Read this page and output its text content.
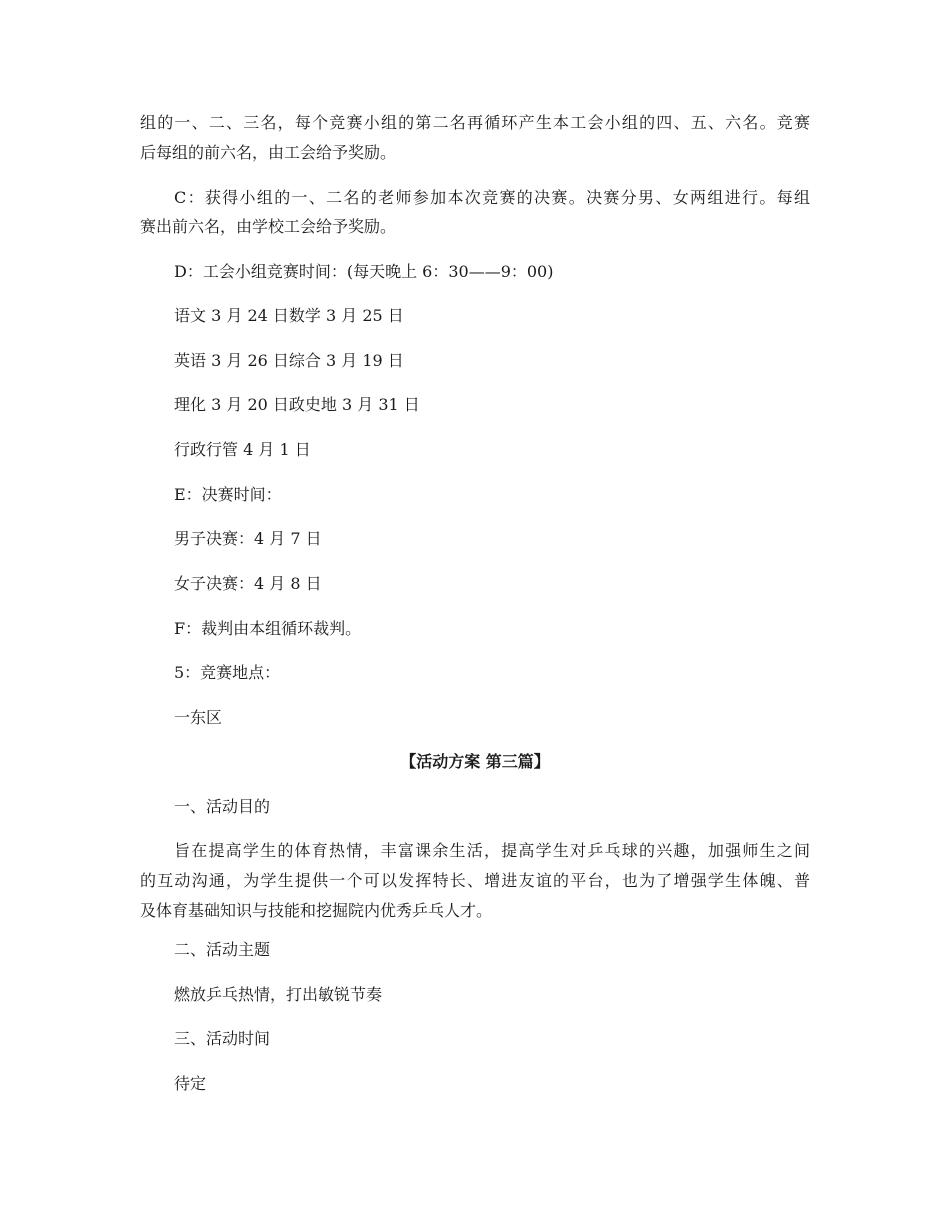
组的一、二、三名，每个竞赛小组的第二名再循环产生本工会小组的四、五、六名。竞赛
后每组的前六名，由工会给予奖励。
C：获得小组的一、二名的老师参加本次竞赛的决赛。决赛分男、女两组进行。每组
赛出前六名，由学校工会给予奖励。
D：工会小组竞赛时间：(每天晚上 6：30——9：00)
语文 3 月 24 日数学 3 月 25 日
英语 3 月 26 日综合 3 月 19 日
理化 3 月 20 日政史地 3 月 31 日
行政行管 4 月 1 日
E：决赛时间：
男子决赛：4 月 7 日
女子决赛：4 月 8 日
F：裁判由本组循环裁判。
5：竞赛地点：
一东区
【活动方案 第三篇】
一、活动目的
旨在提高学生的体育热情，丰富课余生活，提高学生对乒乓球的兴趣，加强师生之间
的互动沟通，为学生提供一个可以发挥特长、增进友谊的平台，也为了增强学生体魄、普
及体育基础知识与技能和挖掘院内优秀乒乓人才。
二、活动主题
燃放乒乓热情，打出敏锐节奏
三、活动时间
待定
